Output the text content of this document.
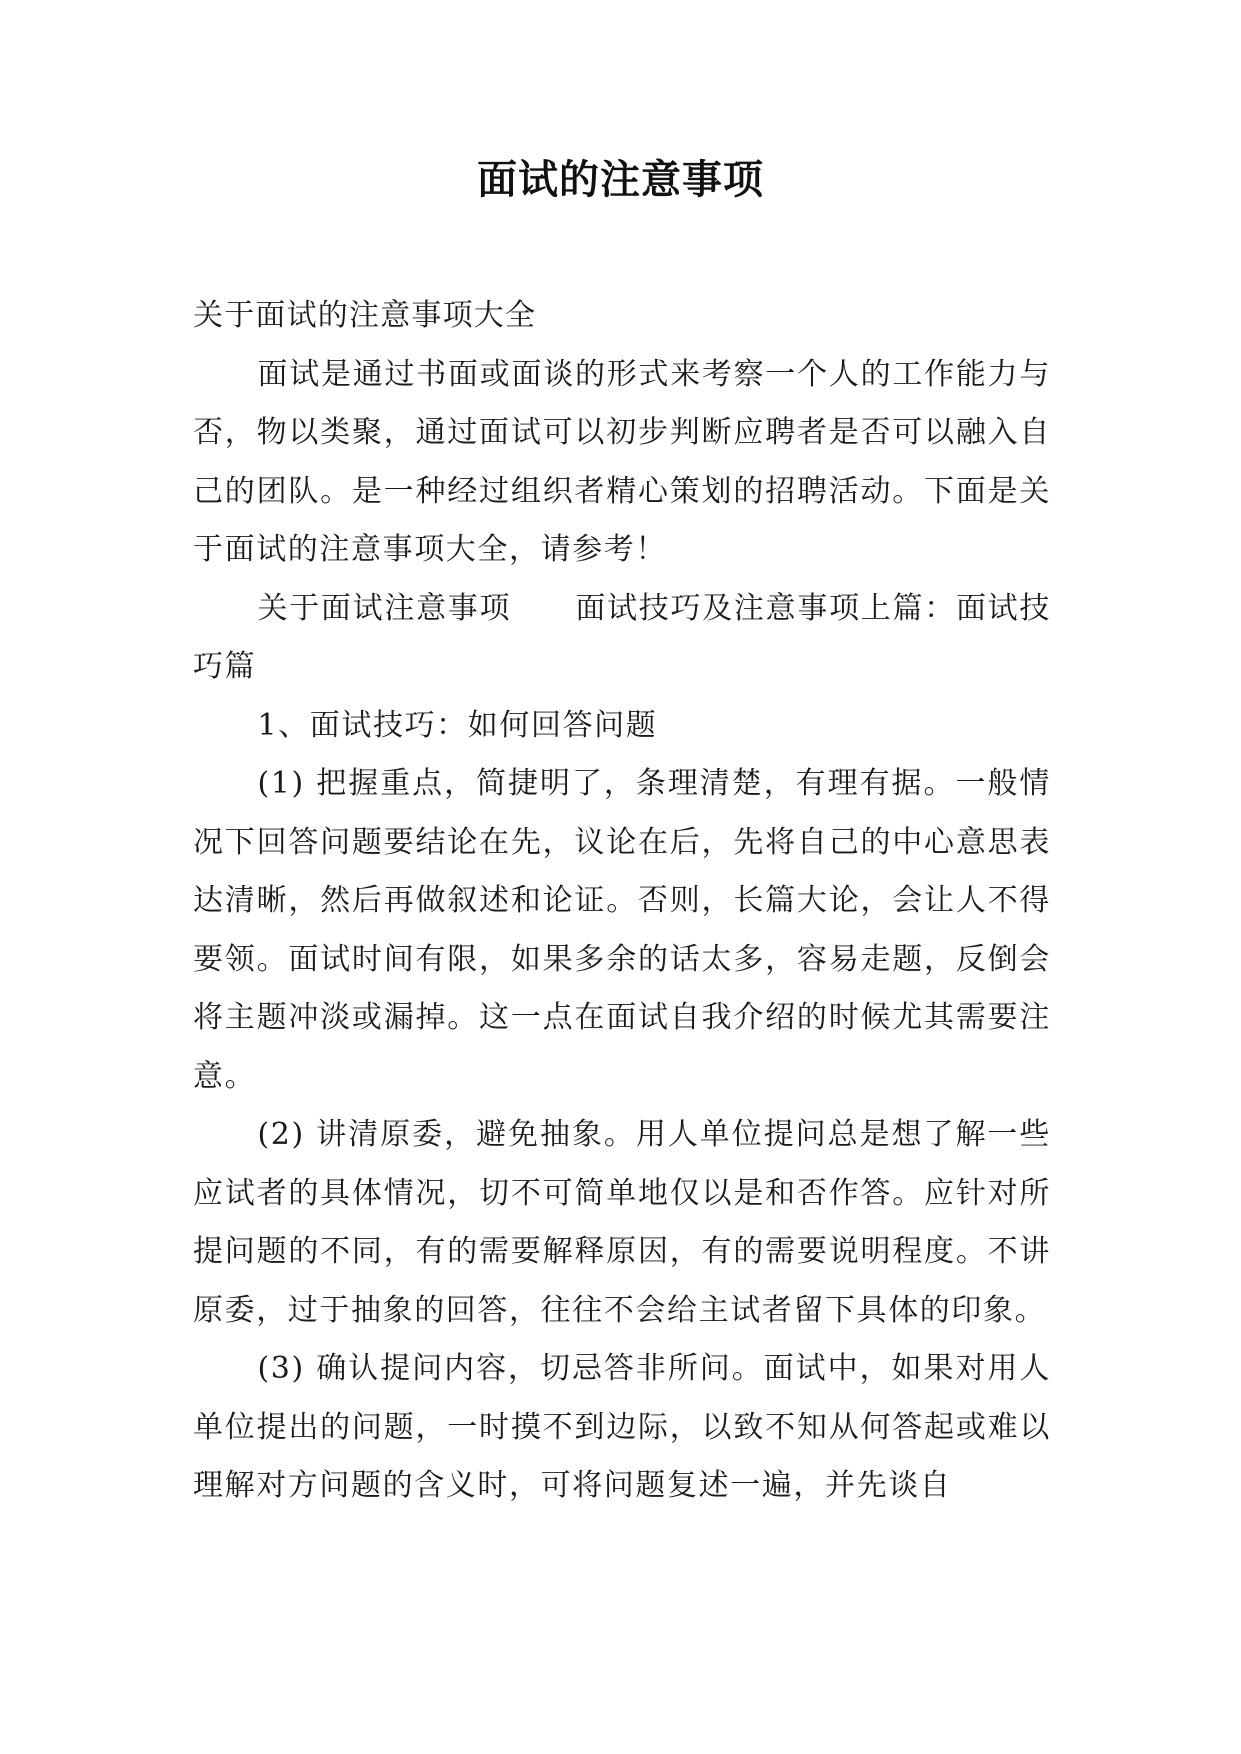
面试的注意事项

关于面试的注意事项大全

面试是通过书面或面谈的形式来考察一个人的工作能力与否，物以类聚，通过面试可以初步判断应聘者是否可以融入自己的团队。是一种经过组织者精心策划的招聘活动。下面是关于面试的注意事项大全，请参考！

关于面试注意事项 面试技巧及注意事项上篇：面试技巧篇

1、面试技巧：如何回答问题

(1) 把握重点，简捷明了，条理清楚，有理有据。一般情况下回答问题要结论在先，议论在后，先将自己的中心意思表达清晰，然后再做叙述和论证。否则，长篇大论，会让人不得要领。面试时间有限，如果多余的话太多，容易走题，反倒会将主题冲淡或漏掉。这一点在面试自我介绍的时候尤其需要注意。

(2) 讲清原委，避免抽象。用人单位提问总是想了解一些应试者的具体情况，切不可简单地仅以是和否作答。应针对所提问题的不同，有的需要解释原因，有的需要说明程度。不讲原委，过于抽象的回答，往往不会给主试者留下具体的印象。

(3) 确认提问内容，切忌答非所问。面试中，如果对用人单位提出的问题，一时摸不到边际，以致不知从何答起或难以理解对方问题的含义时，可将问题复述一遍，并先谈自
